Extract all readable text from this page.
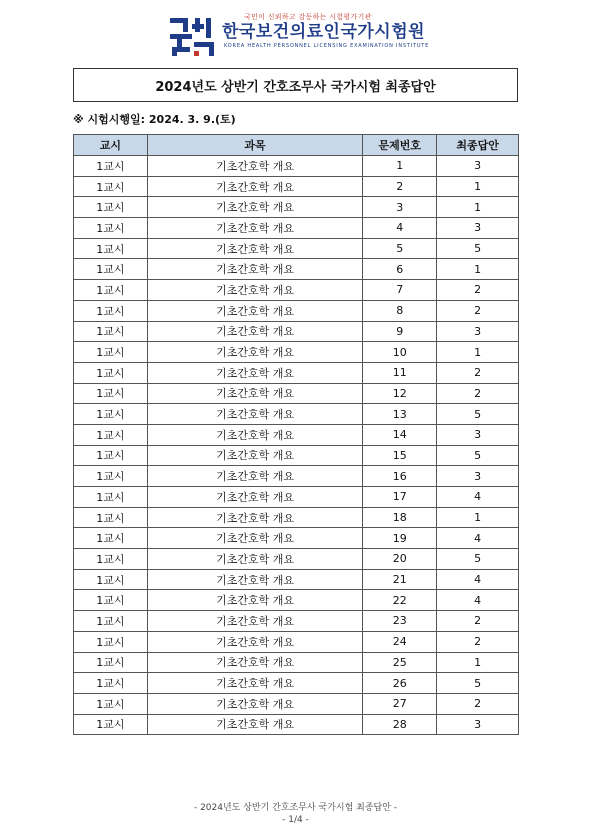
국민이 신뢰하고 감동하는 시험평가기관
한국보건의료인국가시험원
KOREA HEALTH PERSONNEL LICENSING EXAMINATION INSTITUTE
2024년도 상반기 간호조무사 국가시험 최종답안
※ 시험시행일: 2024. 3. 9.(토)
교시	과목	문제번호	최종답안
1교시	기초간호학 개요	1	3
1교시	기초간호학 개요	2	1
1교시	기초간호학 개요	3	1
1교시	기초간호학 개요	4	3
1교시	기초간호학 개요	5	5
1교시	기초간호학 개요	6	1
1교시	기초간호학 개요	7	2
1교시	기초간호학 개요	8	2
1교시	기초간호학 개요	9	3
1교시	기초간호학 개요	10	1
1교시	기초간호학 개요	11	2
1교시	기초간호학 개요	12	2
1교시	기초간호학 개요	13	5
1교시	기초간호학 개요	14	3
1교시	기초간호학 개요	15	5
1교시	기초간호학 개요	16	3
1교시	기초간호학 개요	17	4
1교시	기초간호학 개요	18	1
1교시	기초간호학 개요	19	4
1교시	기초간호학 개요	20	5
1교시	기초간호학 개요	21	4
1교시	기초간호학 개요	22	4
1교시	기초간호학 개요	23	2
1교시	기초간호학 개요	24	2
1교시	기초간호학 개요	25	1
1교시	기초간호학 개요	26	5
1교시	기초간호학 개요	27	2
1교시	기초간호학 개요	28	3
- 2024년도 상반기 간호조무사 국가시험 최종답안 -
- 1/4 -
